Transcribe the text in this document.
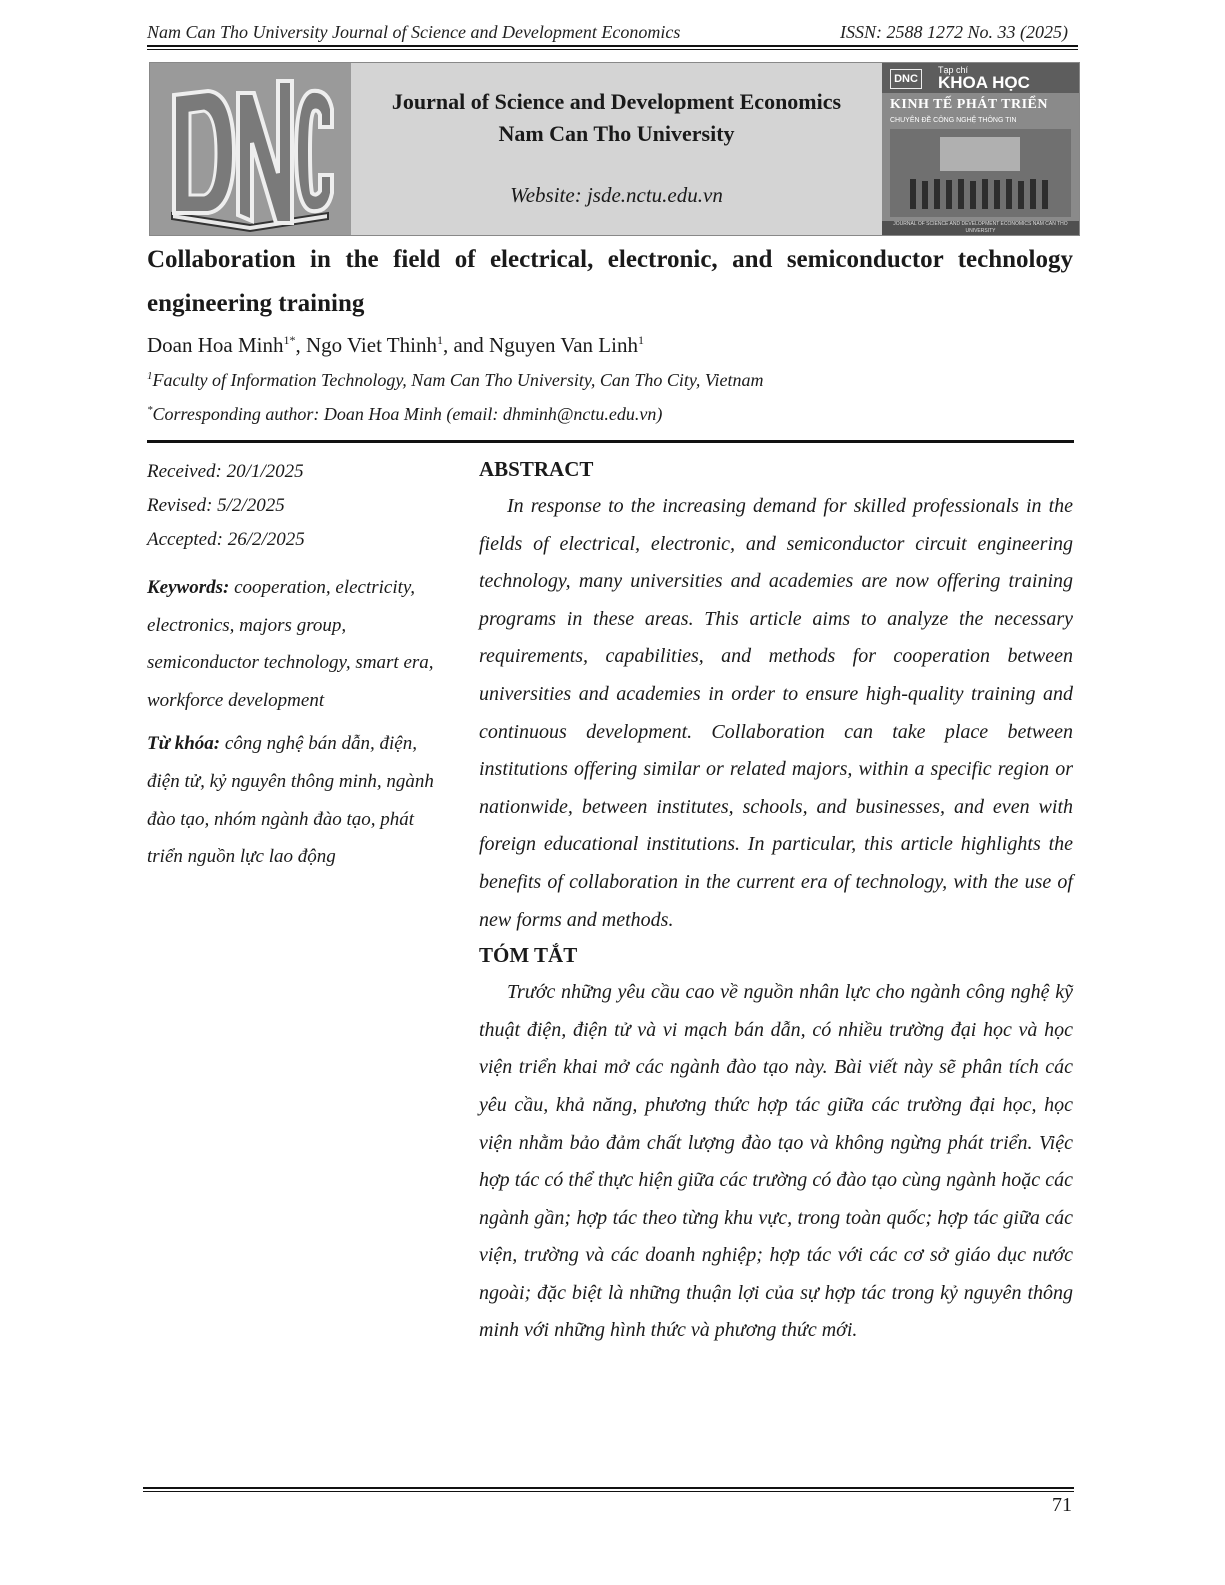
Nam Can Tho University Journal of Science and Development Economics	ISSN: 2588 1272 No. 33 (2025)
Journal of Science and Development Economics
Nam Can Tho University
Website: jsde.nctu.edu.vn
DNC
Tạp chí
KHOA HỌC
KINH TẾ PHÁT TRIỂN
CHUYÊN ĐỀ CÔNG NGHỆ THÔNG TIN
JOURNAL OF SCIENCE AND DEVELOPMENT ECONOMICS NAM CAN THO UNIVERSITY
Collaboration in the field of electrical, electronic, and semiconductor technology engineering training
Doan Hoa Minh$^{1*}$, Ngo Viet Thinh$^1$, and Nguyen Van Linh$^1$
$^1$Faculty of Information Technology, Nam Can Tho University, Can Tho City, Vietnam
*Corresponding author: Doan Hoa Minh (email: dhminh@nctu.edu.vn)
Received: 20/1/2025
Revised: 5/2/2025
Accepted: 26/2/2025
Keywords: cooperation, electricity, electronics, majors group, semiconductor technology, smart era, workforce development
Từ khóa: công nghệ bán dẫn, điện, điện tử, kỷ nguyên thông minh, ngành đào tạo, nhóm ngành đào tạo, phát triển nguồn lực lao động
ABSTRACT

In response to the increasing demand for skilled professionals in the fields of electrical, electronic, and semiconductor circuit engineering technology, many universities and academies are now offering training programs in these areas. This article aims to analyze the necessary requirements, capabilities, and methods for cooperation between universities and academies in order to ensure high-quality training and continuous development. Collaboration can take place between institutions offering similar or related majors, within a specific region or nationwide, between institutes, schools, and businesses, and even with foreign educational institutions. In particular, this article highlights the benefits of collaboration in the current era of technology, with the use of new forms and methods.

TÓM TẮT

Trước những yêu cầu cao về nguồn nhân lực cho ngành công nghệ kỹ thuật điện, điện tử và vi mạch bán dẫn, có nhiều trường đại học và học viện triển khai mở các ngành đào tạo này. Bài viết này sẽ phân tích các yêu cầu, khả năng, phương thức hợp tác giữa các trường đại học, học viện nhằm bảo đảm chất lượng đào tạo và không ngừng phát triển. Việc hợp tác có thể thực hiện giữa các trường có đào tạo cùng ngành hoặc các ngành gần; hợp tác theo từng khu vực, trong toàn quốc; hợp tác giữa các viện, trường và các doanh nghiệp; hợp tác với các cơ sở giáo dục nước ngoài; đặc biệt là những thuận lợi của sự hợp tác trong kỷ nguyên thông minh với những hình thức và phương thức mới.

71
